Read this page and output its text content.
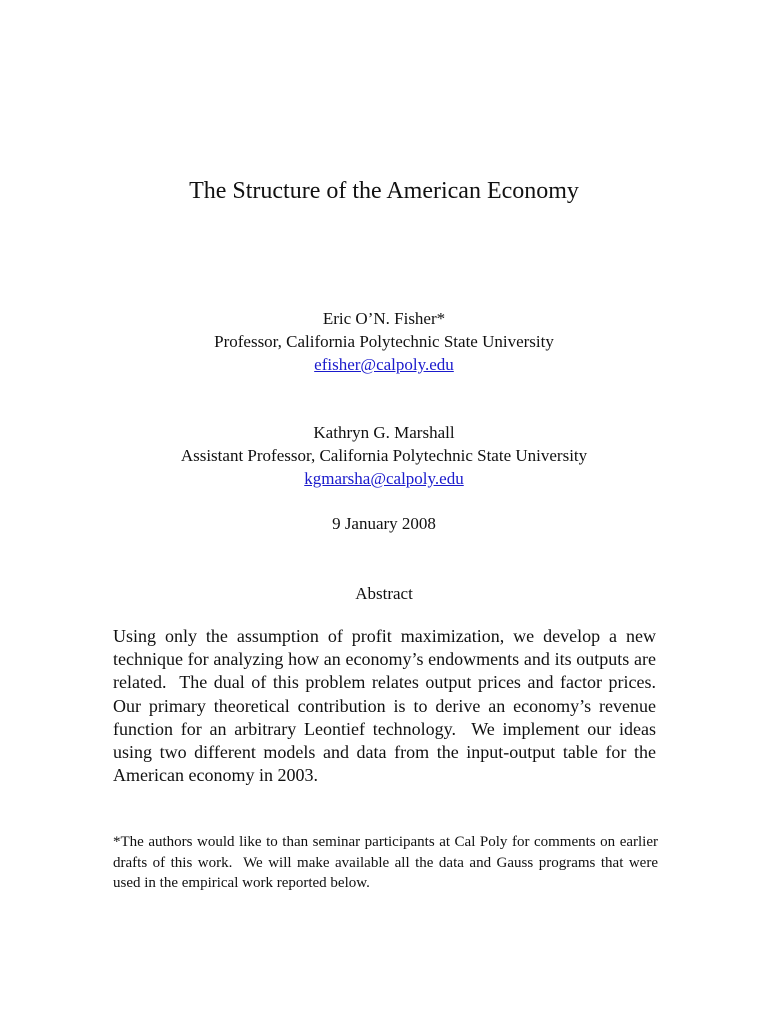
The Structure of the American Economy
Eric O’N. Fisher*
Professor, California Polytechnic State University
efisher@calpoly.edu
Kathryn G. Marshall
Assistant Professor, California Polytechnic State University
kgmarsha@calpoly.edu
9 January 2008
Abstract
Using only the assumption of profit maximization, we develop a new technique for analyzing how an economy’s endowments and its outputs are related.  The dual of this problem relates output prices and factor prices.  Our primary theoretical contribution is to derive an economy’s revenue function for an arbitrary Leontief technology.  We implement our ideas using two different models and data from the input-output table for the American economy in 2003.
*The authors would like to than seminar participants at Cal Poly for comments on earlier drafts of this work.  We will make available all the data and Gauss programs that were used in the empirical work reported below.
